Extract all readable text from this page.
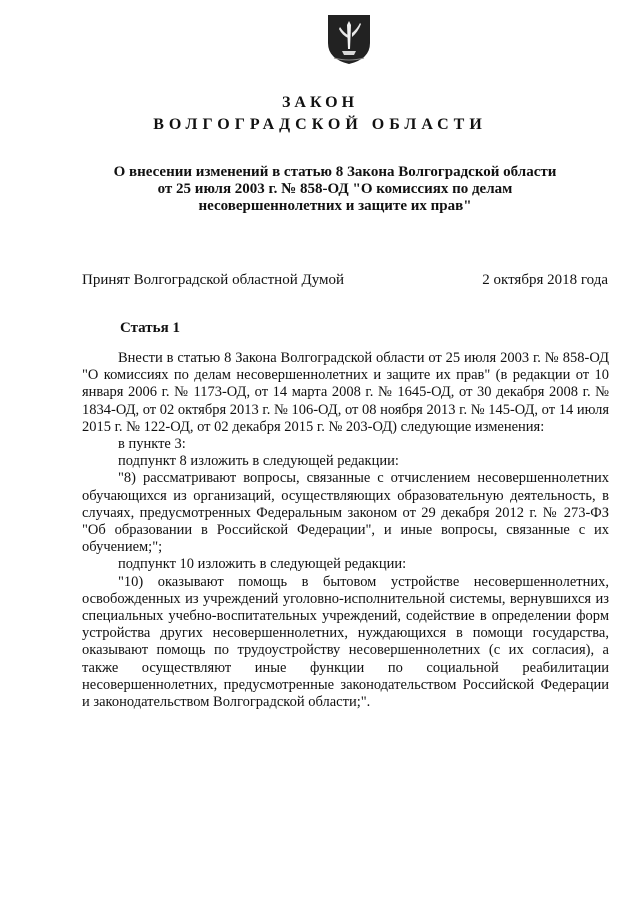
ЗАКОН
ВОЛГОГРАДСКОЙ ОБЛАСТИ
О внесении изменений в статью 8 Закона Волгоградской области
от 25 июля 2003 г. № 858-ОД "О комиссиях по делам
несовершеннолетних и защите их прав"
Принят Волгоградской областной Думой	2 октября 2018 года
Статья 1

Внести в статью 8 Закона Волгоградской области от 25 июля 2003 г. № 858-ОД "О комиссиях по делам несовершеннолетних и защите их прав" (в редакции от 10 января 2006 г. № 1173-ОД, от 14 марта 2008 г. № 1645-ОД, от 30 декабря 2008 г. № 1834-ОД, от 02 октября 2013 г. № 106-ОД, от 08 ноября 2013 г. № 145-ОД, от 14 июля 2015 г. № 122-ОД, от 02 декабря 2015 г. № 203-ОД) следующие изменения:

в пункте 3:

подпункт 8 изложить в следующей редакции:

"8) рассматривают вопросы, связанные с отчислением несовершеннолетних обучающихся из организаций, осуществляющих образовательную деятельность, в случаях, предусмотренных Федеральным законом от 29 декабря 2012 г. № 273-ФЗ "Об образовании в Российской Федерации", и иные вопросы, связанные с их обучением;";

подпункт 10 изложить в следующей редакции:

"10) оказывают помощь в бытовом устройстве несовершеннолетних, освобожденных из учреждений уголовно-исполнительной системы, вернувшихся из специальных учебно-воспитательных учреждений, содействие в определении форм устройства других несовершеннолетних, нуждающихся в помощи государства, оказывают помощь по трудоустройству несовершеннолетних (с их согласия), а также осуществляют иные функции по социальной реабилитации несовершеннолетних, предусмотренные законодательством Российской Федерации и законодательством Волгоградской области;".
